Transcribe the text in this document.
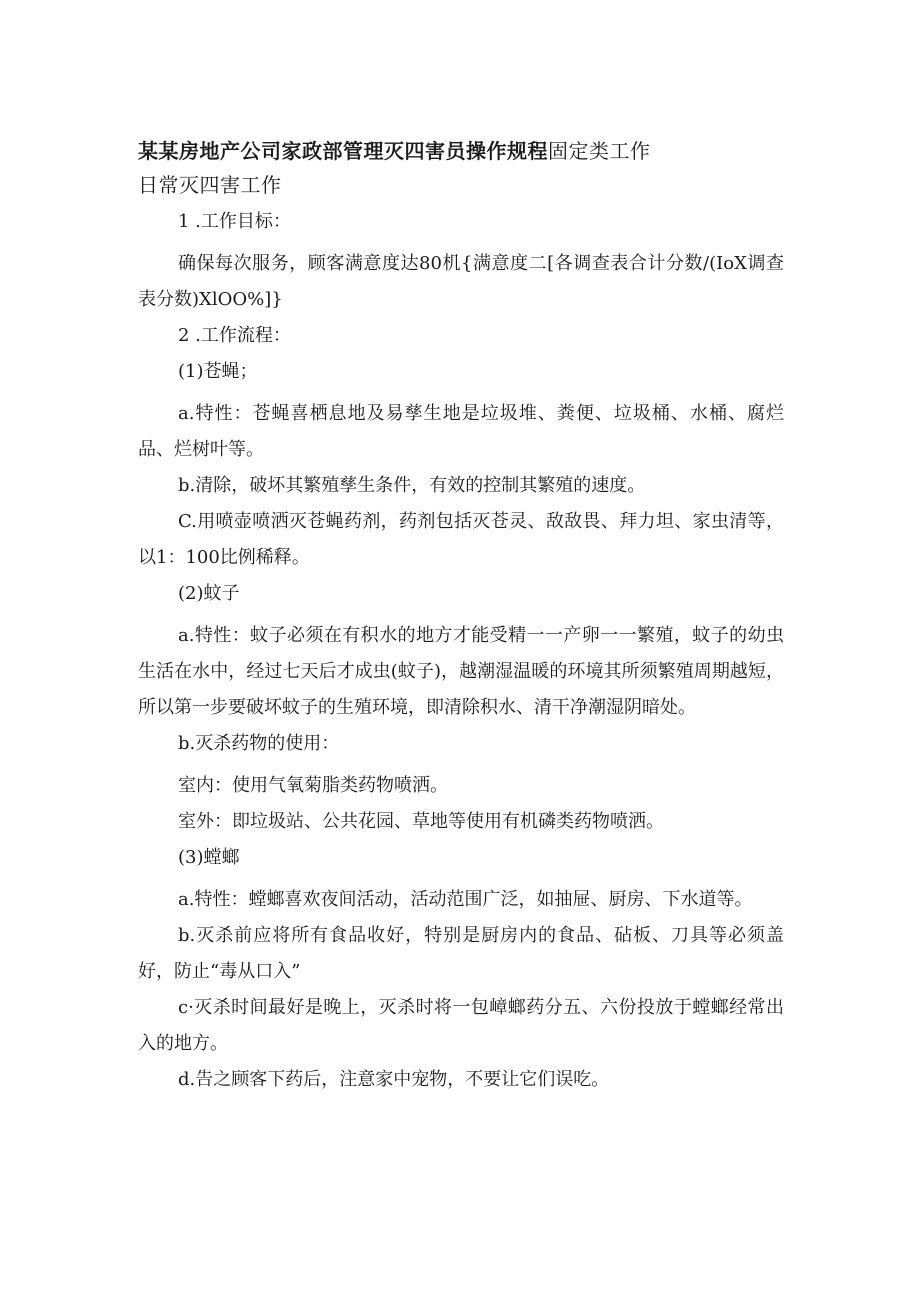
某某房地产公司家政部管理灭四害员操作规程固定类工作
日常灭四害工作

1 .工作目标：

确保每次服务，顾客满意度达80机{满意度二[各调查表合计分数/(IoX调查表分数)XlOO%]}

2 .工作流程：

(1)苍蝇；

a.特性：苍蝇喜栖息地及易孳生地是垃圾堆、粪便、垃圾桶、水桶、腐烂品、烂树叶等。

b.清除，破坏其繁殖孳生条件，有效的控制其繁殖的速度。

C.用喷壶喷洒灭苍蝇药剂，药剂包括灭苍灵、敌敌畏、拜力坦、家虫清等，以1：100比例稀释。

(2)蚊子

a.特性：蚊子必须在有积水的地方才能受精一一产卵一一繁殖，蚊子的幼虫生活在水中，经过七天后才成虫(蚊子)，越潮湿温暖的环境其所须繁殖周期越短，所以第一步要破坏蚊子的生殖环境，即清除积水、清干净潮湿阴暗处。

b.灭杀药物的使用：

室内：使用气氧菊脂类药物喷洒。

室外：即垃圾站、公共花园、草地等使用有机磷类药物喷洒。

(3)螳螂

a.特性：螳螂喜欢夜间活动，活动范围广泛，如抽屉、厨房、下水道等。

b.灭杀前应将所有食品收好，特别是厨房内的食品、砧板、刀具等必须盖好，防止“毒从口入”

c·灭杀时间最好是晚上，灭杀时将一包嶂螂药分五、六份投放于螳螂经常出入的地方。

d.告之顾客下药后，注意家中宠物，不要让它们误吃。
